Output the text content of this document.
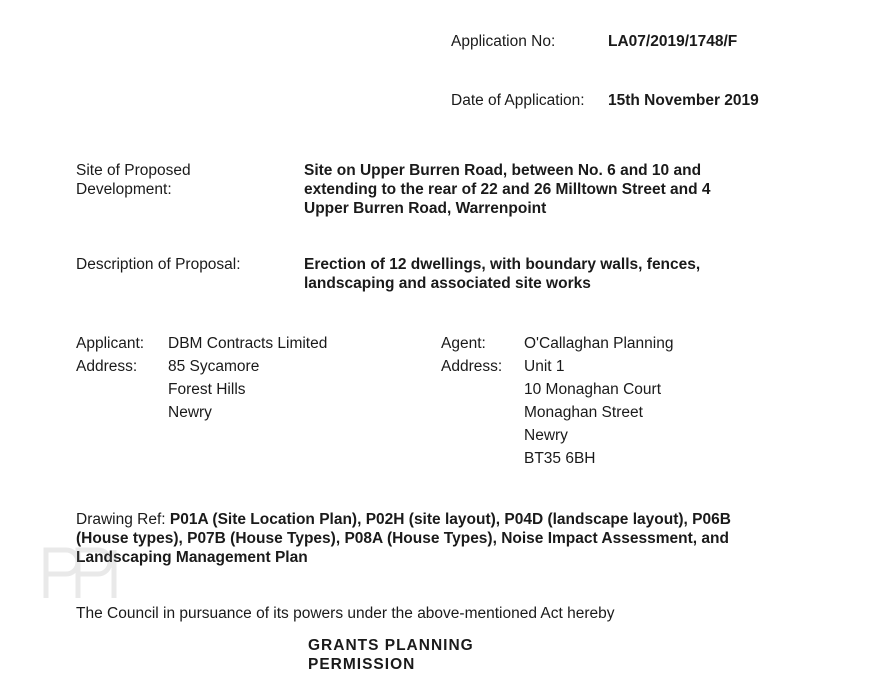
Application No:	LA07/2019/1748/F
Date of Application: 15th November 2019
Site of Proposed
Development:
Site on Upper Burren Road, between No. 6 and 10 and
extending to the rear of 22 and 26 Milltown Street and 4
Upper Burren Road, Warrenpoint
Description of Proposal:	Erection of 12 dwellings, with boundary walls, fences,
landscaping and associated site works
Applicant: DBM Contracts Limited
Address: 85 Sycamore
Forest Hills
Newry
Agent: O'Callaghan Planning
Address: Unit 1
10 Monaghan Court
Monaghan Street
Newry
BT35 6BH
Drawing Ref: P01A (Site Location Plan), P02H (site layout), P04D (landscape layout), P06B
(House types), P07B (House Types), P08A (House Types), Noise Impact Assessment, and
Landscaping Management Plan
The Council in pursuance of its powers under the above-mentioned Act hereby
GRANTS PLANNING PERMISSION
